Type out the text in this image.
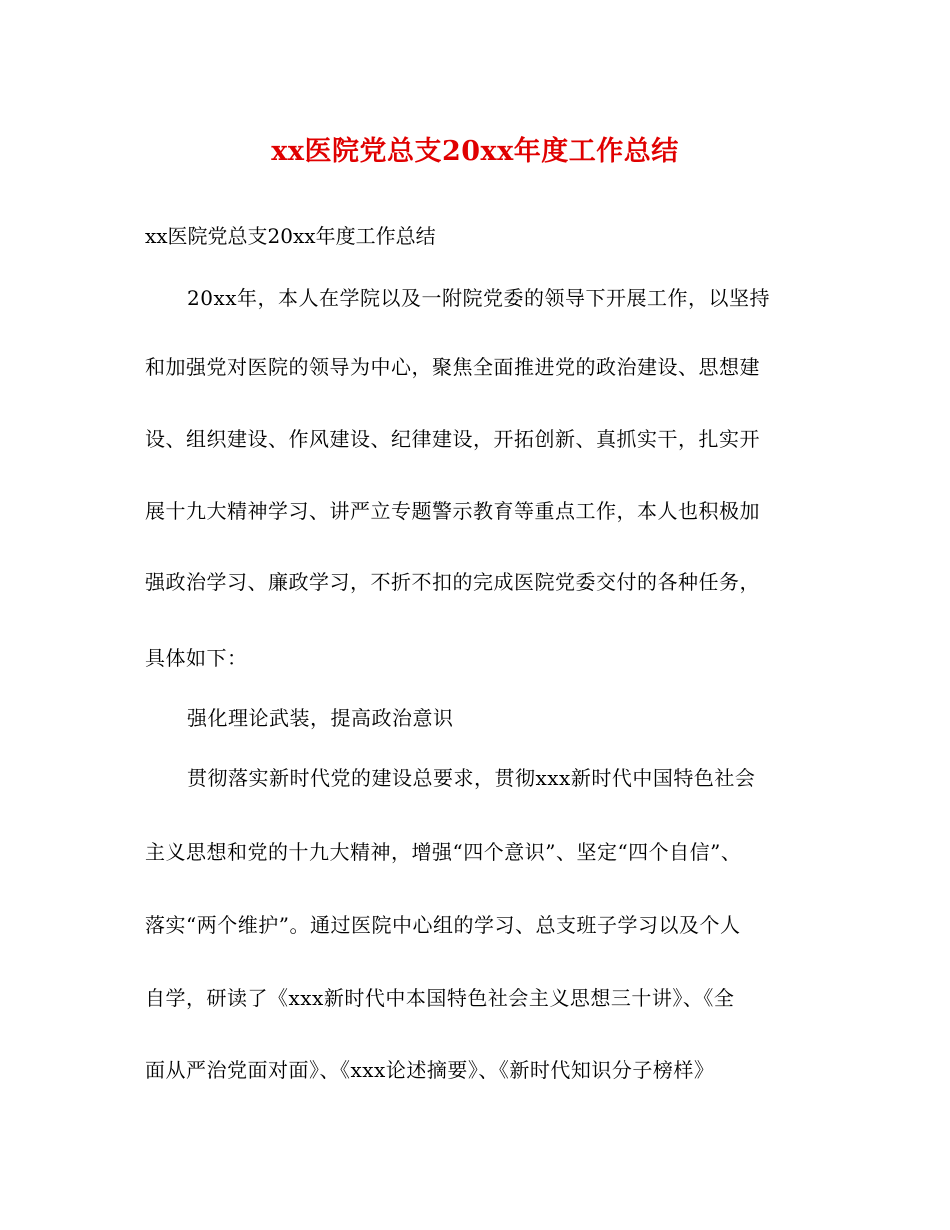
xx医院党总支20xx年度工作总结
xx医院党总支20xx年度工作总结
20xx年，本人在学院以及一附院党委的领导下开展工作，以坚持
和加强党对医院的领导为中心，聚焦全面推进党的政治建设、思想建
设、组织建设、作风建设、纪律建设，开拓创新、真抓实干，扎实开
展十九大精神学习、讲严立专题警示教育等重点工作，本人也积极加
强政治学习、廉政学习，不折不扣的完成医院党委交付的各种任务，
具体如下：
强化理论武装，提高政治意识
贯彻落实新时代党的建设总要求，贯彻xxx新时代中国特色社会
主义思想和党的十九大精神，增强“四个意识”、坚定“四个自信”、
落实“两个维护”。通过医院中心组的学习、总支班子学习以及个人
自学，研读了《xxx新时代中本国特色社会主义思想三十讲》、《全
面从严治党面对面》、《xxx论述摘要》、《新时代知识分子榜样》
